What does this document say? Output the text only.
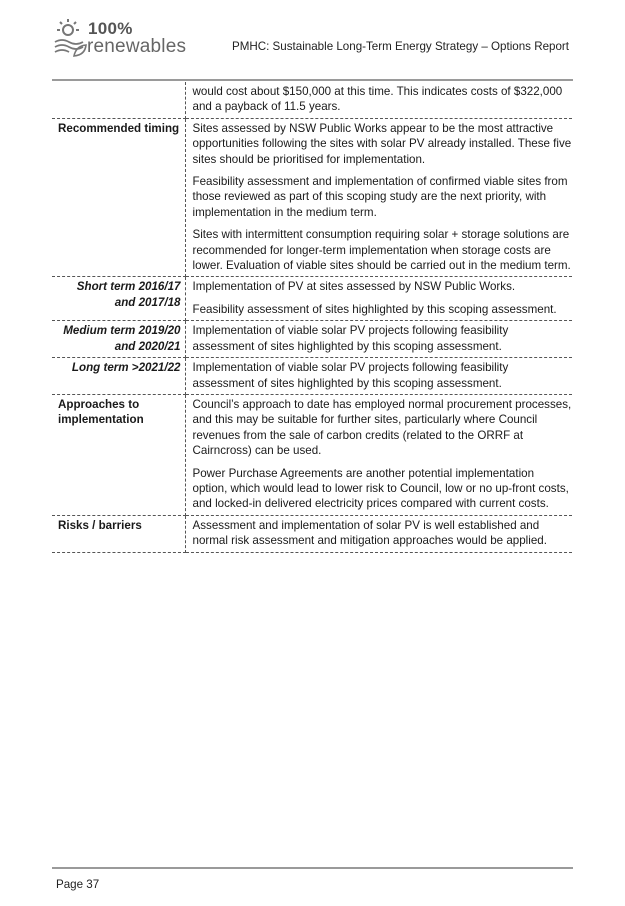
100%
renewables	PMHC: Sustainable Long-Term Energy Strategy – Options Report

	would cost about $150,000 at this time. This indicates costs of $322,000 and a payback of 11.5 years.

Recommended timing	Sites assessed by NSW Public Works appear to be the most attractive opportunities following the sites with solar PV already installed. These five sites should be prioritised for implementation.

Feasibility assessment and implementation of confirmed viable sites from those reviewed as part of this scoping study are the next priority, with implementation in the medium term.

Sites with intermittent consumption requiring solar + storage solutions are recommended for longer-term implementation when storage costs are lower. Evaluation of viable sites should be carried out in the medium term.

Short term 2016/17 and 2017/18	Implementation of PV at sites assessed by NSW Public Works.

Feasibility assessment of sites highlighted by this scoping assessment.

Medium term 2019/20 and 2020/21	Implementation of viable solar PV projects following feasibility assessment of sites highlighted by this scoping assessment.

Long term >2021/22	Implementation of viable solar PV projects following feasibility assessment of sites highlighted by this scoping assessment.

Approaches to implementation	Council’s approach to date has employed normal procurement processes, and this may be suitable for further sites, particularly where Council revenues from the sale of carbon credits (related to the ORRF at Cairncross) can be used.

Power Purchase Agreements are another potential implementation option, which would lead to lower risk to Council, low or no up-front costs, and locked-in delivered electricity prices compared with current costs.

Risks / barriers	Assessment and implementation of solar PV is well established and normal risk assessment and mitigation approaches would be applied.

Page 37
